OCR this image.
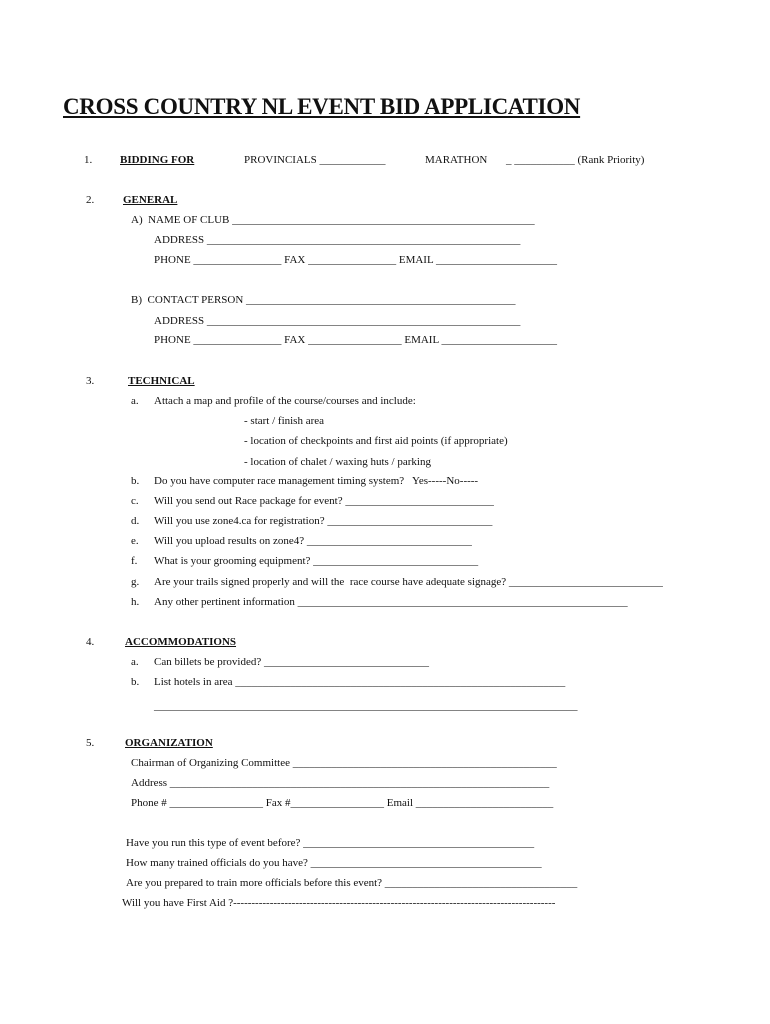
CROSS COUNTRY NL EVENT BID APPLICATION
1.	BIDDING FOR	PROVINCIALS ____________	MARATHON _ ___________ (Rank Priority)
2.	GENERAL
A)  NAME OF CLUB _______________________________________________________
ADDRESS _________________________________________________________
PHONE ________________ FAX ________________ EMAIL ______________________
B)  CONTACT PERSON _________________________________________________
ADDRESS _________________________________________________________
PHONE ________________ FAX _________________ EMAIL _____________________
3.	TECHNICAL
a. Attach a map and profile of the course/courses and include:
- start / finish area
- location of checkpoints and first aid points (if appropriate)
- location of chalet / waxing huts / parking
b. Do you have computer race management timing system?   Yes-----No-----
c. Will you send out Race package for event? ___________________________
d. Will you use zone4.ca for registration? ______________________________
e. Will you upload results on zone4? ______________________________
f. What is your grooming equipment? ______________________________
g. Are your trails signed properly and will the  race course have adequate signage? ____________________________
h. Any other pertinent information ____________________________________________________________
4.	ACCOMMODATIONS
a. Can billets be provided? ______________________________
b. List hotels in area ____________________________________________________________
_____________________________________________________________________________
5.	ORGANIZATION
Chairman of Organizing Committee ________________________________________________
Address _____________________________________________________________________
Phone # _________________ Fax #_________________ Email _________________________
Have you run this type of event before? __________________________________________
How many trained officials do you have? __________________________________________
Are you prepared to train more officials before this event? ___________________________________
Will you have First Aid ?----------------------------------------------------------------------------------------
